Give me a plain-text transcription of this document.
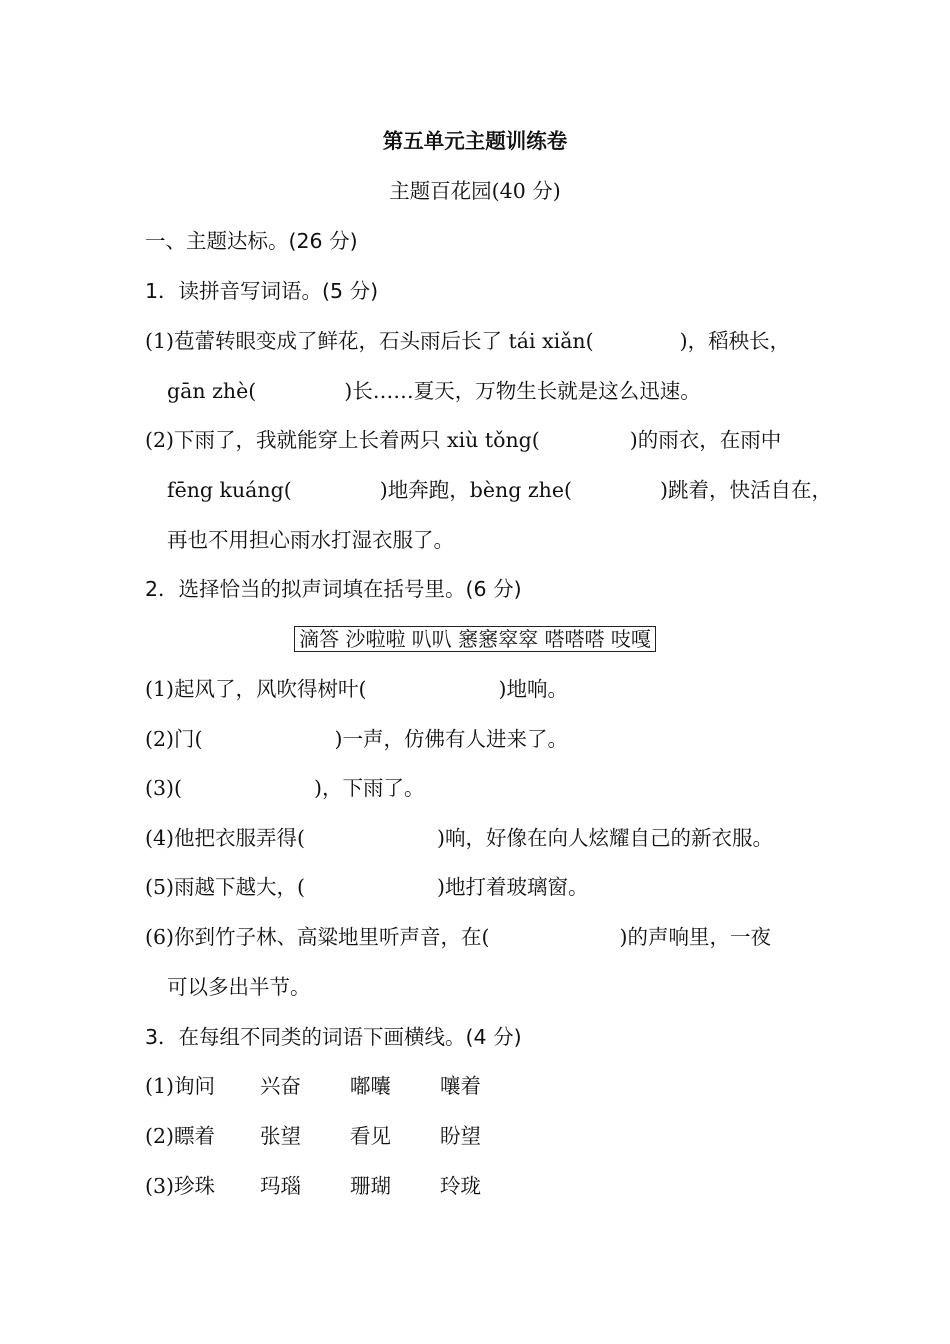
第五单元主题训练卷
主题百花园(40 分)
一、主题达标。(26 分)
1．读拼音写词语。(5 分)
(1)苞蕾转眼变成了鲜花，石头雨后长了 tái xiǎn(	)，稻秧长，
gān zhè(	)长……夏天，万物生长就是这么迅速。
(2)下雨了，我就能穿上长着两只 xiù tǒng(	)的雨衣，在雨中
fēng kuáng(	)地奔跑，bèng zhe(	)跳着，快活自在，
再也不用担心雨水打湿衣服了。
2．选择恰当的拟声词填在括号里。(6 分)
滴答 沙啦啦 叭叭 窸窸窣窣 嗒嗒嗒 吱嘎
(1)起风了，风吹得树叶(	)地响。
(2)门(	)一声，仿佛有人进来了。
(3)(	)，下雨了。
(4)他把衣服弄得(	)响，好像在向人炫耀自己的新衣服。
(5)雨越下越大，(	)地打着玻璃窗。
(6)你到竹子林、高粱地里听声音，在(	)的声响里，一夜
可以多出半节。
3．在每组不同类的词语下画横线。(4 分)
(1)询问 兴奋 嘟囔 嚷着
(2)瞟着 张望 看见 盼望
(3)珍珠 玛瑙 珊瑚 玲珑
